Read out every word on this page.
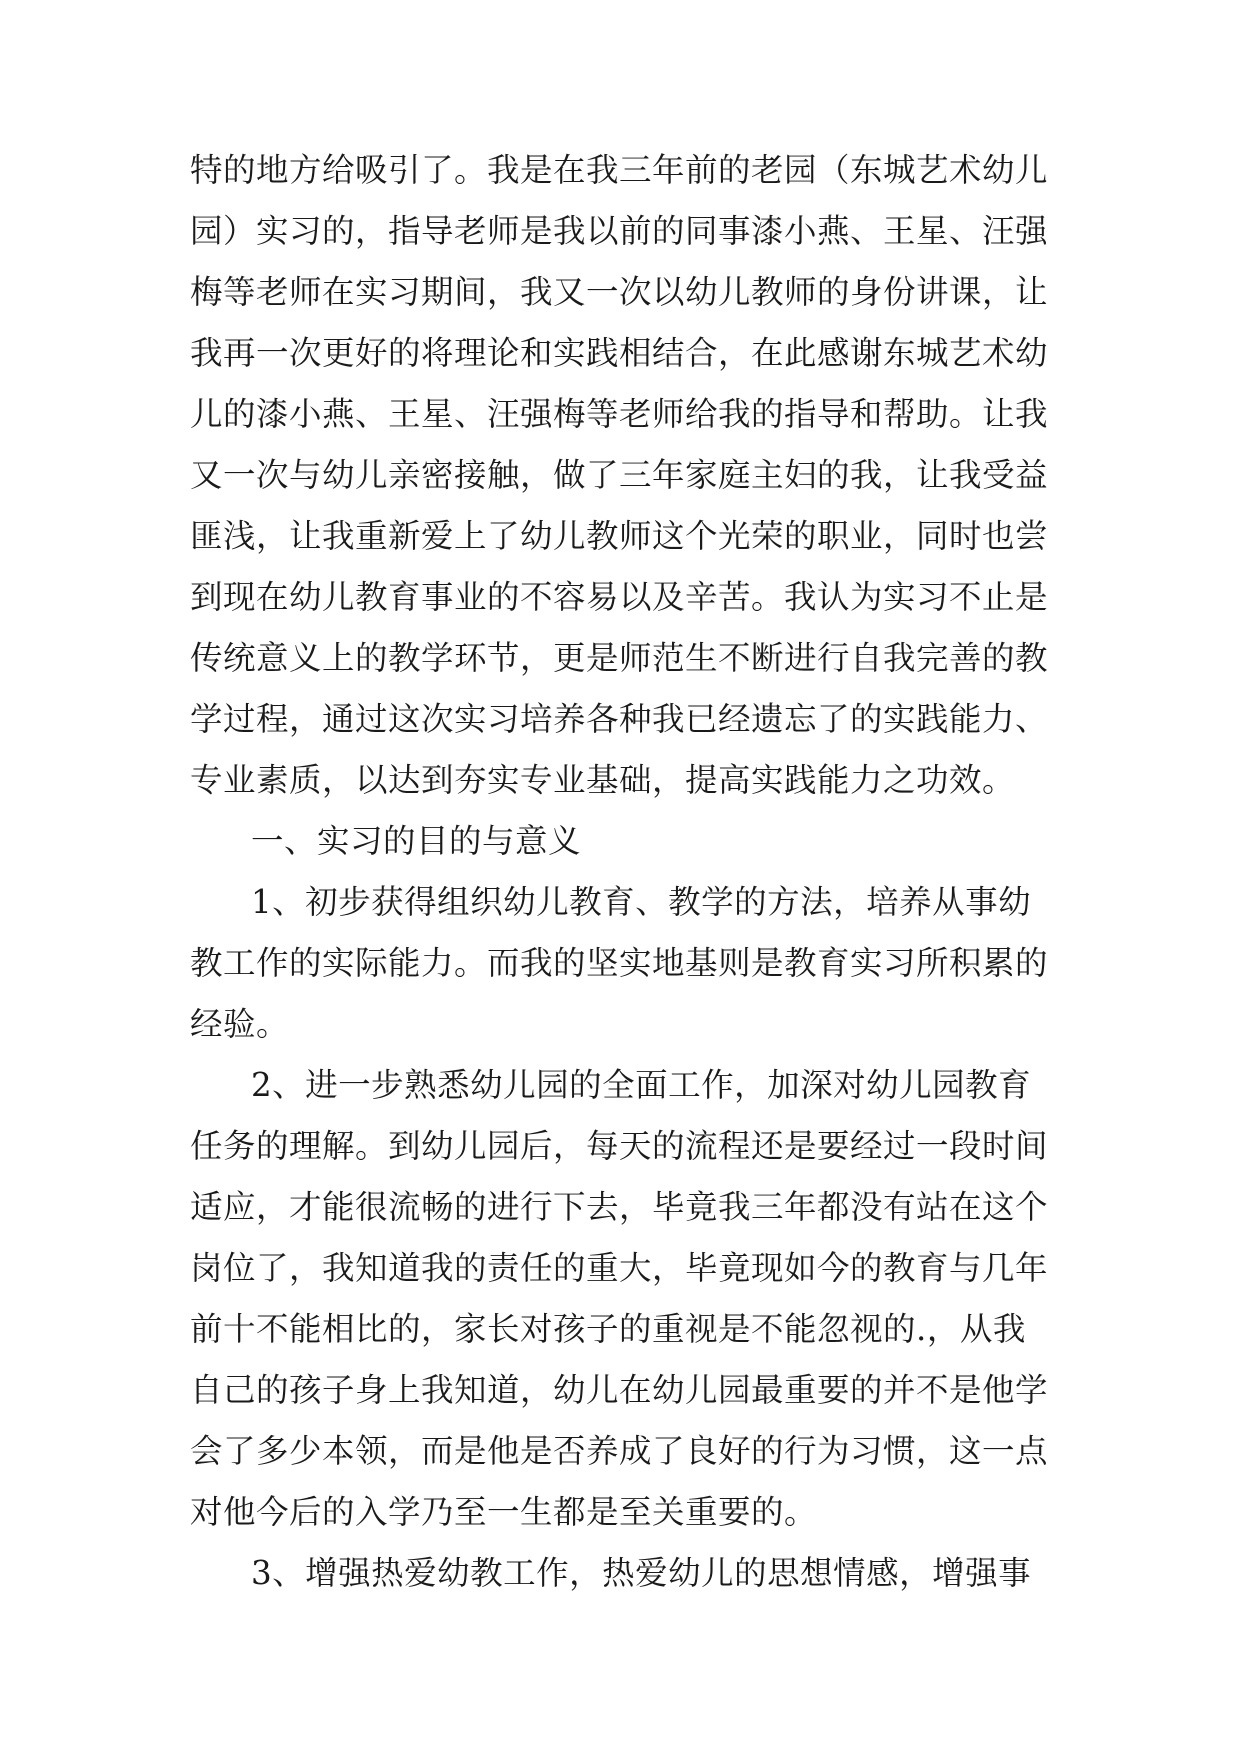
特的地方给吸引了。我是在我三年前的老园（东城艺术幼儿
园）实习的，指导老师是我以前的同事漆小燕、王星、汪强
梅等老师在实习期间，我又一次以幼儿教师的身份讲课，让
我再一次更好的将理论和实践相结合，在此感谢东城艺术幼
儿的漆小燕、王星、汪强梅等老师给我的指导和帮助。让我
又一次与幼儿亲密接触，做了三年家庭主妇的我，让我受益
匪浅，让我重新爱上了幼儿教师这个光荣的职业，同时也尝
到现在幼儿教育事业的不容易以及辛苦。我认为实习不止是
传统意义上的教学环节，更是师范生不断进行自我完善的教
学过程，通过这次实习培养各种我已经遗忘了的实践能力、
专业素质，以达到夯实专业基础，提高实践能力之功效。
一、实习的目的与意义
1、初步获得组织幼儿教育、教学的方法，培养从事幼
教工作的实际能力。而我的坚实地基则是教育实习所积累的
经验。
2、进一步熟悉幼儿园的全面工作，加深对幼儿园教育
任务的理解。到幼儿园后，每天的流程还是要经过一段时间
适应，才能很流畅的进行下去，毕竟我三年都没有站在这个
岗位了，我知道我的责任的重大，毕竟现如今的教育与几年
前十不能相比的，家长对孩子的重视是不能忽视的.，从我
自己的孩子身上我知道，幼儿在幼儿园最重要的并不是他学
会了多少本领，而是他是否养成了良好的行为习惯，这一点
对他今后的入学乃至一生都是至关重要的。
3、增强热爱幼教工作，热爱幼儿的思想情感，增强事
